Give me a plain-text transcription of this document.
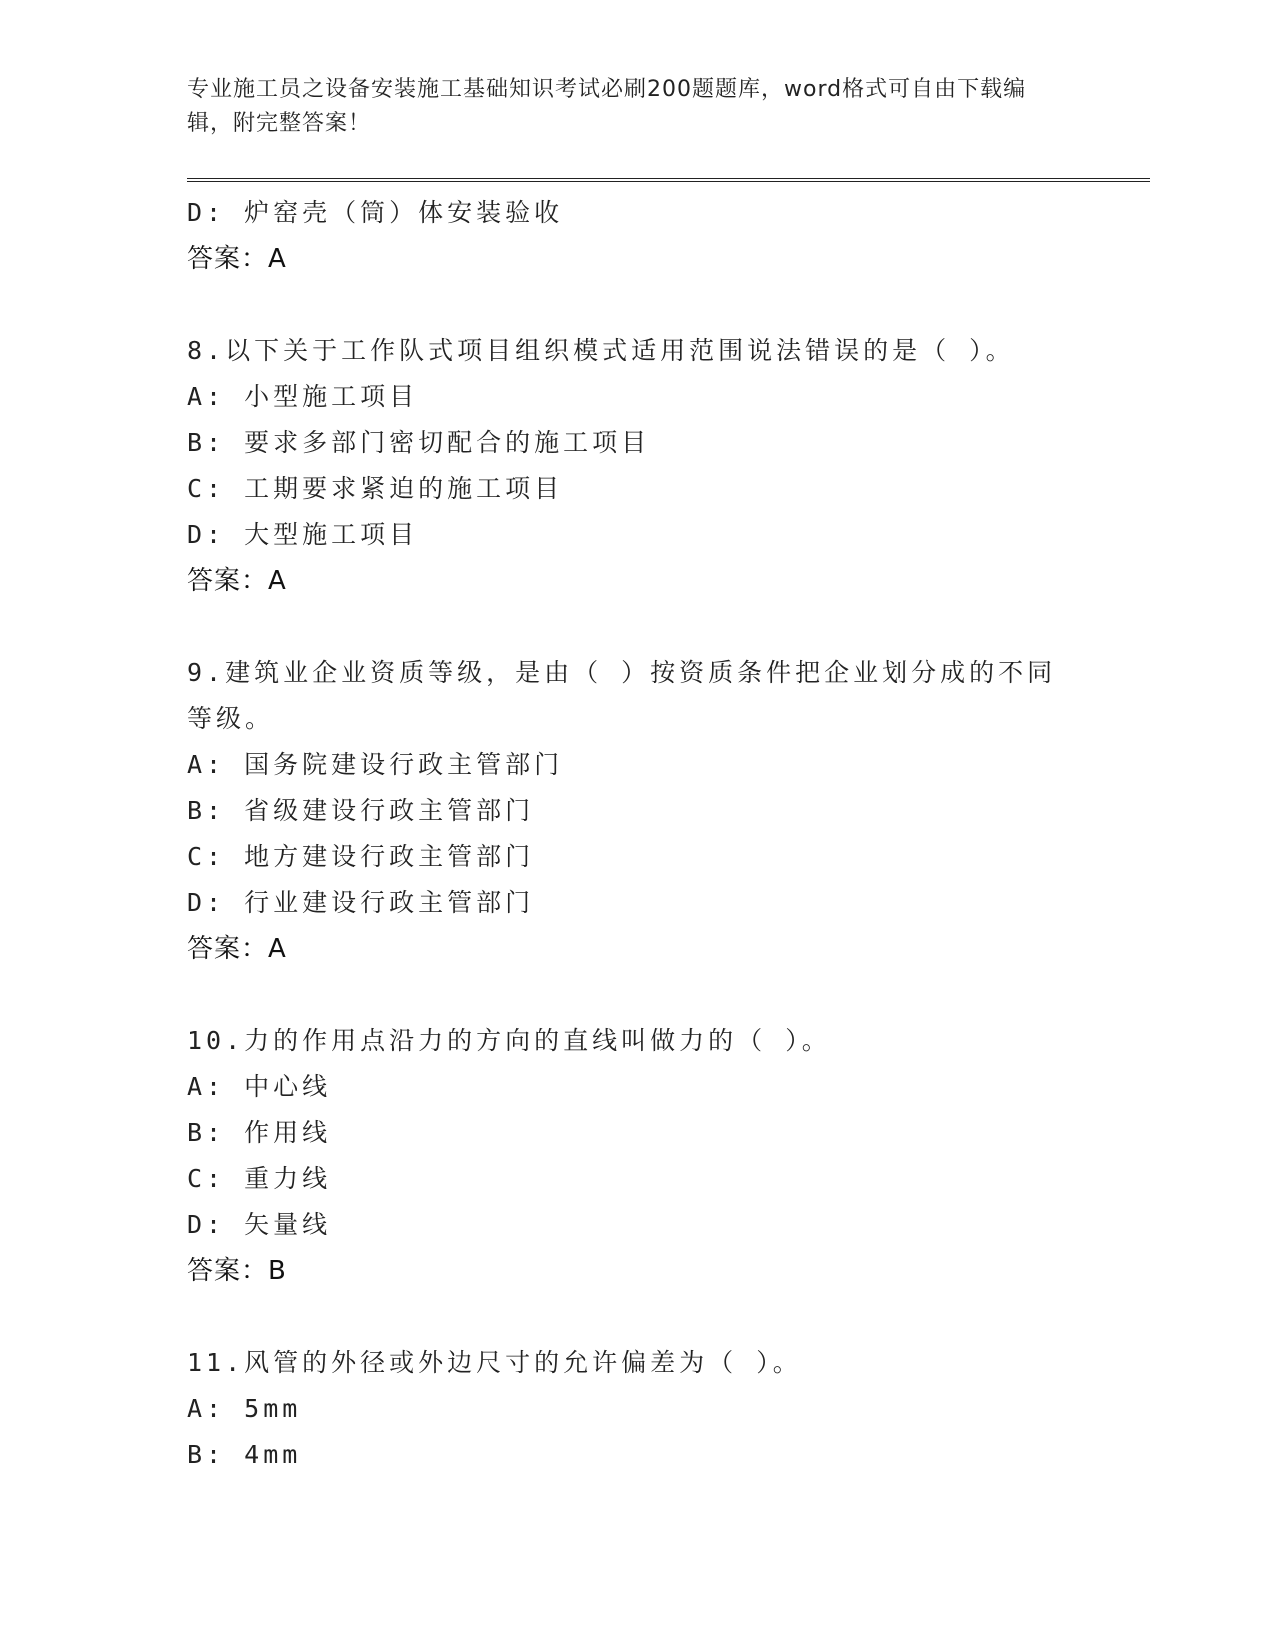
专业施工员之设备安装施工基础知识考试必刷200题题库，word格式可自由下载编辑，附完整答案！
D: 炉窑壳（筒）体安装验收
答案：A
8.以下关于工作队式项目组织模式适用范围说法错误的是（ ）。
A: 小型施工项目
B: 要求多部门密切配合的施工项目
C: 工期要求紧迫的施工项目
D: 大型施工项目
答案：A
9.建筑业企业资质等级，是由（ ）按资质条件把企业划分成的不同等级。
A: 国务院建设行政主管部门
B: 省级建设行政主管部门
C: 地方建设行政主管部门
D: 行业建设行政主管部门
答案：A
10.力的作用点沿力的方向的直线叫做力的（ ）。
A: 中心线
B: 作用线
C: 重力线
D: 矢量线
答案：B
11.风管的外径或外边尺寸的允许偏差为（ ）。
A: 5mm
B: 4mm
